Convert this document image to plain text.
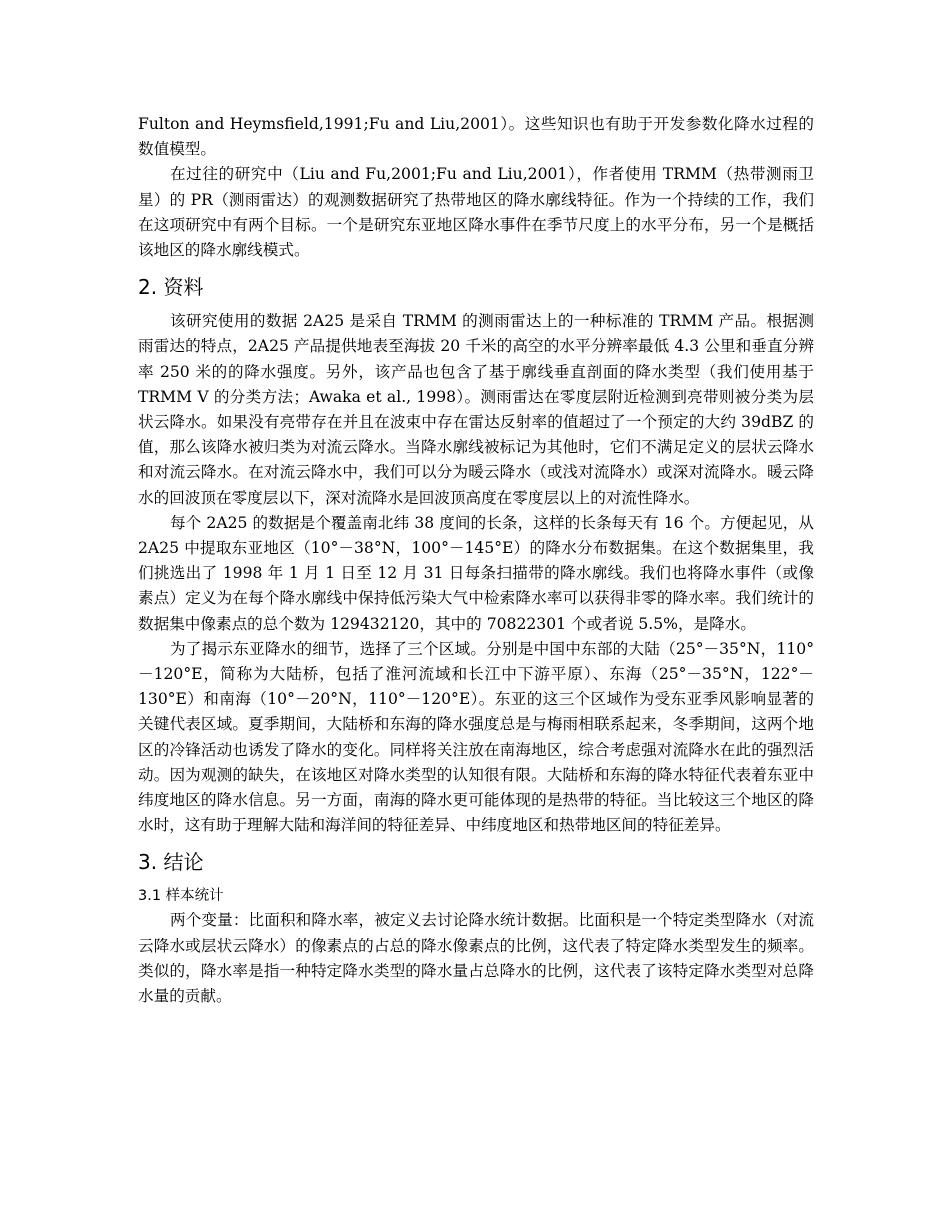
Fulton and Heymsfield,1991;Fu and Liu,2001）。这些知识也有助于开发参数化降水过程的数值模型。

在过往的研究中（Liu and Fu,2001;Fu and Liu,2001），作者使用 TRMM（热带测雨卫星）的 PR（测雨雷达）的观测数据研究了热带地区的降水廓线特征。作为一个持续的工作，我们在这项研究中有两个目标。一个是研究东亚地区降水事件在季节尺度上的水平分布，另一个是概括该地区的降水廓线模式。

2. 资料

该研究使用的数据 2A25 是采自 TRMM 的测雨雷达上的一种标准的 TRMM 产品。根据测雨雷达的特点，2A25 产品提供地表至海拔 20 千米的高空的水平分辨率最低 4.3 公里和垂直分辨率 250 米的的降水强度。另外，该产品也包含了基于廓线垂直剖面的降水类型（我们使用基于 TRMM V 的分类方法；Awaka et al., 1998）。测雨雷达在零度层附近检测到亮带则被分类为层状云降水。如果没有亮带存在并且在波束中存在雷达反射率的值超过了一个预定的大约 39dBZ 的值，那么该降水被归类为对流云降水。当降水廓线被标记为其他时，它们不满足定义的层状云降水和对流云降水。在对流云降水中，我们可以分为暖云降水（或浅对流降水）或深对流降水。暖云降水的回波顶在零度层以下，深对流降水是回波顶高度在零度层以上的对流性降水。

每个 2A25 的数据是个覆盖南北纬 38 度间的长条，这样的长条每天有 16 个。方便起见，从 2A25 中提取东亚地区（10°－38°N，100°－145°E）的降水分布数据集。在这个数据集里，我们挑选出了 1998 年 1 月 1 日至 12 月 31 日每条扫描带的降水廓线。我们也将降水事件（或像素点）定义为在每个降水廓线中保持低污染大气中检索降水率可以获得非零的降水率。我们统计的数据集中像素点的总个数为 129432120，其中的 70822301 个或者说 5.5%，是降水。

为了揭示东亚降水的细节，选择了三个区域。分别是中国中东部的大陆（25°－35°N，110°－120°E，简称为大陆桥，包括了淮河流域和长江中下游平原）、东海（25°－35°N，122°－130°E）和南海（10°－20°N，110°－120°E）。东亚的这三个区域作为受东亚季风影响显著的关键代表区域。夏季期间，大陆桥和东海的降水强度总是与梅雨相联系起来，冬季期间，这两个地区的冷锋活动也诱发了降水的变化。同样将关注放在南海地区，综合考虑强对流降水在此的强烈活动。因为观测的缺失，在该地区对降水类型的认知很有限。大陆桥和东海的降水特征代表着东亚中纬度地区的降水信息。另一方面，南海的降水更可能体现的是热带的特征。当比较这三个地区的降水时，这有助于理解大陆和海洋间的特征差异、中纬度地区和热带地区间的特征差异。

3. 结论
3.1 样本统计

两个变量：比面积和降水率，被定义去讨论降水统计数据。比面积是一个特定类型降水（对流云降水或层状云降水）的像素点的占总的降水像素点的比例，这代表了特定降水类型发生的频率。类似的，降水率是指一种特定降水类型的降水量占总降水的比例，这代表了该特定降水类型对总降水量的贡献。
